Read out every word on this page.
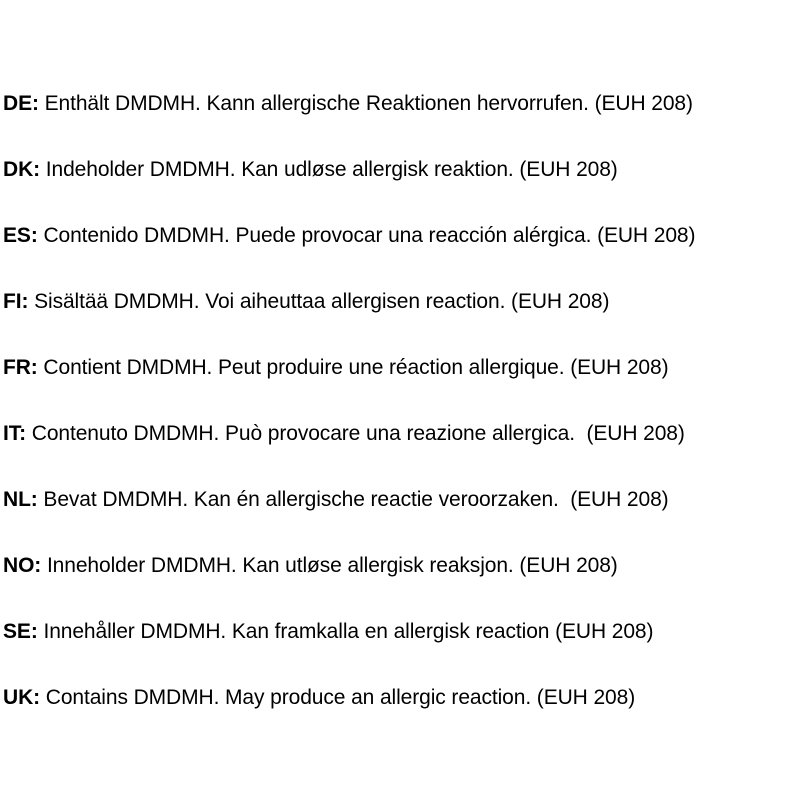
DE: Enthält DMDMH. Kann allergische Reaktionen hervorrufen. (EUH 208)
DK: Indeholder DMDMH. Kan udløse allergisk reaktion. (EUH 208)
ES: Contenido DMDMH. Puede provocar una reacción alérgica. (EUH 208)
FI: Sisältää DMDMH. Voi aiheuttaa allergisen reaction. (EUH 208)
FR: Contient DMDMH. Peut produire une réaction allergique. (EUH 208)
IT: Contenuto DMDMH. Può provocare una reazione allergica.  (EUH 208)
NL: Bevat DMDMH. Kan én allergische reactie veroorzaken.  (EUH 208)
NO: Inneholder DMDMH. Kan utløse allergisk reaksjon. (EUH 208)
SE: Innehåller DMDMH. Kan framkalla en allergisk reaction (EUH 208)
UK: Contains DMDMH. May produce an allergic reaction. (EUH 208)
